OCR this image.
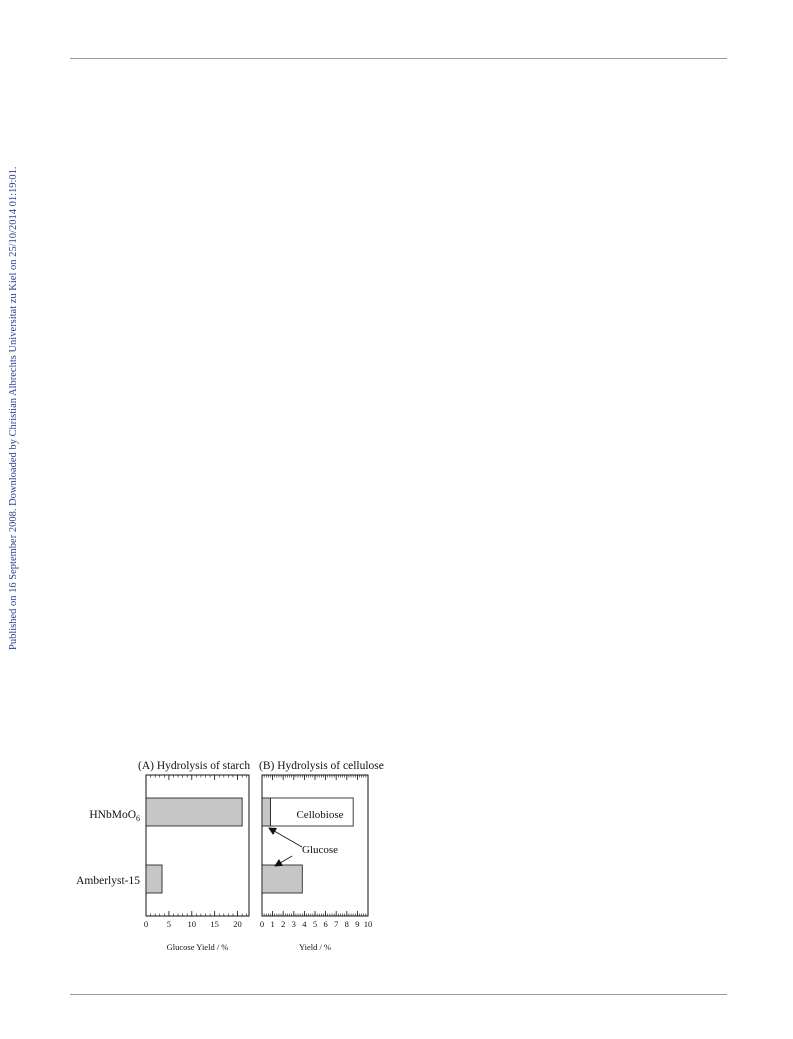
Published on 16 September 2008. Downloaded by Christian Albrechts Universitat zu Kiel on 25/10/2014 01:19:01.
(A) Hydrolysis of starch (B) Hydrolysis of cellulose
HNbMoO$_6$
Amberlyst-15
0 5 10 15 20 0 1 2 3 4 5 6 7 8 9 10
Glucose Yield / %	Yield / %
Cellobiose
Glucose
